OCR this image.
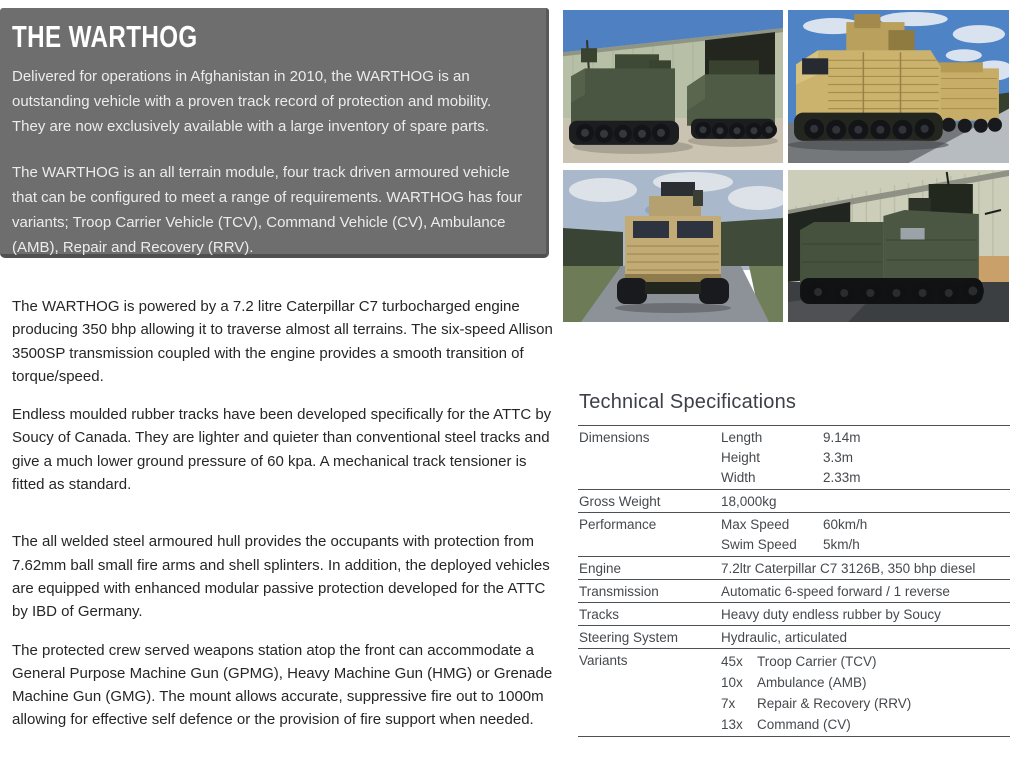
THE WARTHOG

Delivered for operations in Afghanistan in 2010, the WARTHOG is an outstanding vehicle with a proven track record of protection and mobility. They are now exclusively available with a large inventory of spare parts.

The WARTHOG is an all terrain module, four track driven armoured vehicle that can be configured to meet a range of requirements. WARTHOG has four variants; Troop Carrier Vehicle (TCV), Command Vehicle (CV), Ambulance (AMB), Repair and Recovery (RRV).

The WARTHOG is powered by a 7.2 litre Caterpillar C7 turbocharged engine producing 350 bhp allowing it to traverse almost all terrains. The six-speed Allison 3500SP transmission coupled with the engine provides a smooth transition of torque/speed.

Endless moulded rubber tracks have been developed specifically for the ATTC by Soucy of Canada. They are lighter and quieter than conventional steel tracks and give a much lower ground pressure of 60 kpa. A mechanical track tensioner is fitted as standard.

The all welded steel armoured hull provides the occupants with protection from 7.62mm ball small fire arms and shell splinters. In addition, the deployed vehicles are equipped with enhanced modular passive protection developed for the ATTC by IBD of Germany.

The protected crew served weapons station atop the front can accommodate a General Purpose Machine Gun (GPMG), Heavy Machine Gun (HMG) or Grenade Machine Gun (GMG). The mount allows accurate, suppressive fire out to 1000m allowing for effective self defence or the provision of fire support when needed.

Technical Specifications
Dimensions	Length	9.14m
Height	3.3m
Width	2.33m
Gross Weight	18,000kg
Performance	Max Speed	60km/h
Swim Speed	5km/h
Engine	7.2ltr Caterpillar C7 3126B, 350 bhp diesel
Transmission	Automatic 6-speed forward / 1 reverse
Tracks	Heavy duty endless rubber by Soucy
Steering System	Hydraulic, articulated
Variants	45x	Troop Carrier (TCV)
10x	Ambulance (AMB)
7x	Repair & Recovery (RRV)
13x	Command (CV)
